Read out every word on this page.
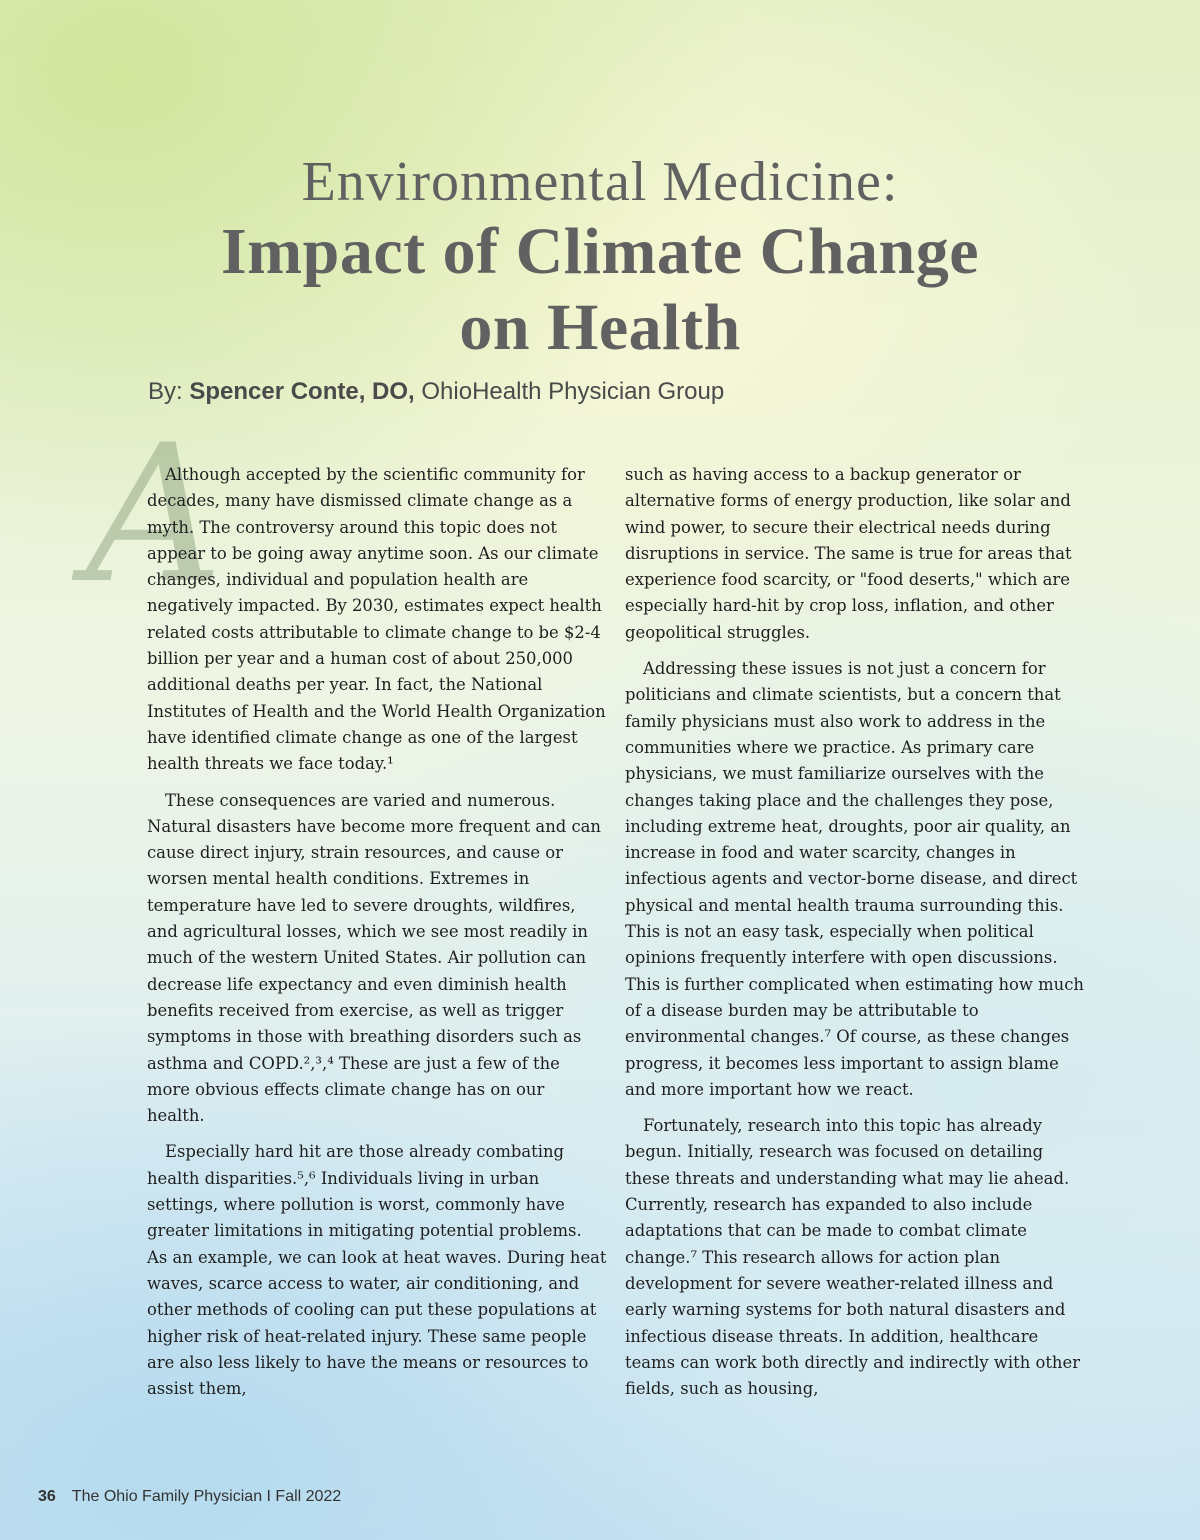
Environmental Medicine:
Impact of Climate Change
on Health
By: Spencer Conte, DO, OhioHealth Physician Group
A

Although accepted by the scientific community for decades, many have dismissed climate change as a myth. The controversy around this topic does not appear to be going away anytime soon. As our climate changes, individual and population health are negatively impacted. By 2030, estimates expect health related costs attributable to climate change to be $2-4 billion per year and a human cost of about 250,000 additional deaths per year. In fact, the National Institutes of Health and the World Health Organization have identified climate change as one of the largest health threats we face today.¹

These consequences are varied and numerous. Natural disasters have become more frequent and can cause direct injury, strain resources, and cause or worsen mental health conditions. Extremes in temperature have led to severe droughts, wildfires, and agricultural losses, which we see most readily in much of the western United States. Air pollution can decrease life expectancy and even diminish health benefits received from exercise, as well as trigger symptoms in those with breathing disorders such as asthma and COPD.²,³,⁴ These are just a few of the more obvious effects climate change has on our health.

Especially hard hit are those already combating health disparities.⁵,⁶ Individuals living in urban settings, where pollution is worst, commonly have greater limitations in mitigating potential problems. As an example, we can look at heat waves. During heat waves, scarce access to water, air conditioning, and other methods of cooling can put these populations at higher risk of heat-related injury. These same people are also less likely to have the means or resources to assist them,

such as having access to a backup generator or alternative forms of energy production, like solar and wind power, to secure their electrical needs during disruptions in service. The same is true for areas that experience food scarcity, or "food deserts," which are especially hard-hit by crop loss, inflation, and other geopolitical struggles.

Addressing these issues is not just a concern for politicians and climate scientists, but a concern that family physicians must also work to address in the communities where we practice. As primary care physicians, we must familiarize ourselves with the changes taking place and the challenges they pose, including extreme heat, droughts, poor air quality, an increase in food and water scarcity, changes in infectious agents and vector-borne disease, and direct physical and mental health trauma surrounding this. This is not an easy task, especially when political opinions frequently interfere with open discussions. This is further complicated when estimating how much of a disease burden may be attributable to environmental changes.⁷ Of course, as these changes progress, it becomes less important to assign blame and more important how we react.

Fortunately, research into this topic has already begun. Initially, research was focused on detailing these threats and understanding what may lie ahead. Currently, research has expanded to also include adaptations that can be made to combat climate change.⁷ This research allows for action plan development for severe weather-related illness and early warning systems for both natural disasters and infectious disease threats. In addition, healthcare teams can work both directly and indirectly with other fields, such as housing,

36 The Ohio Family Physician I Fall 2022
